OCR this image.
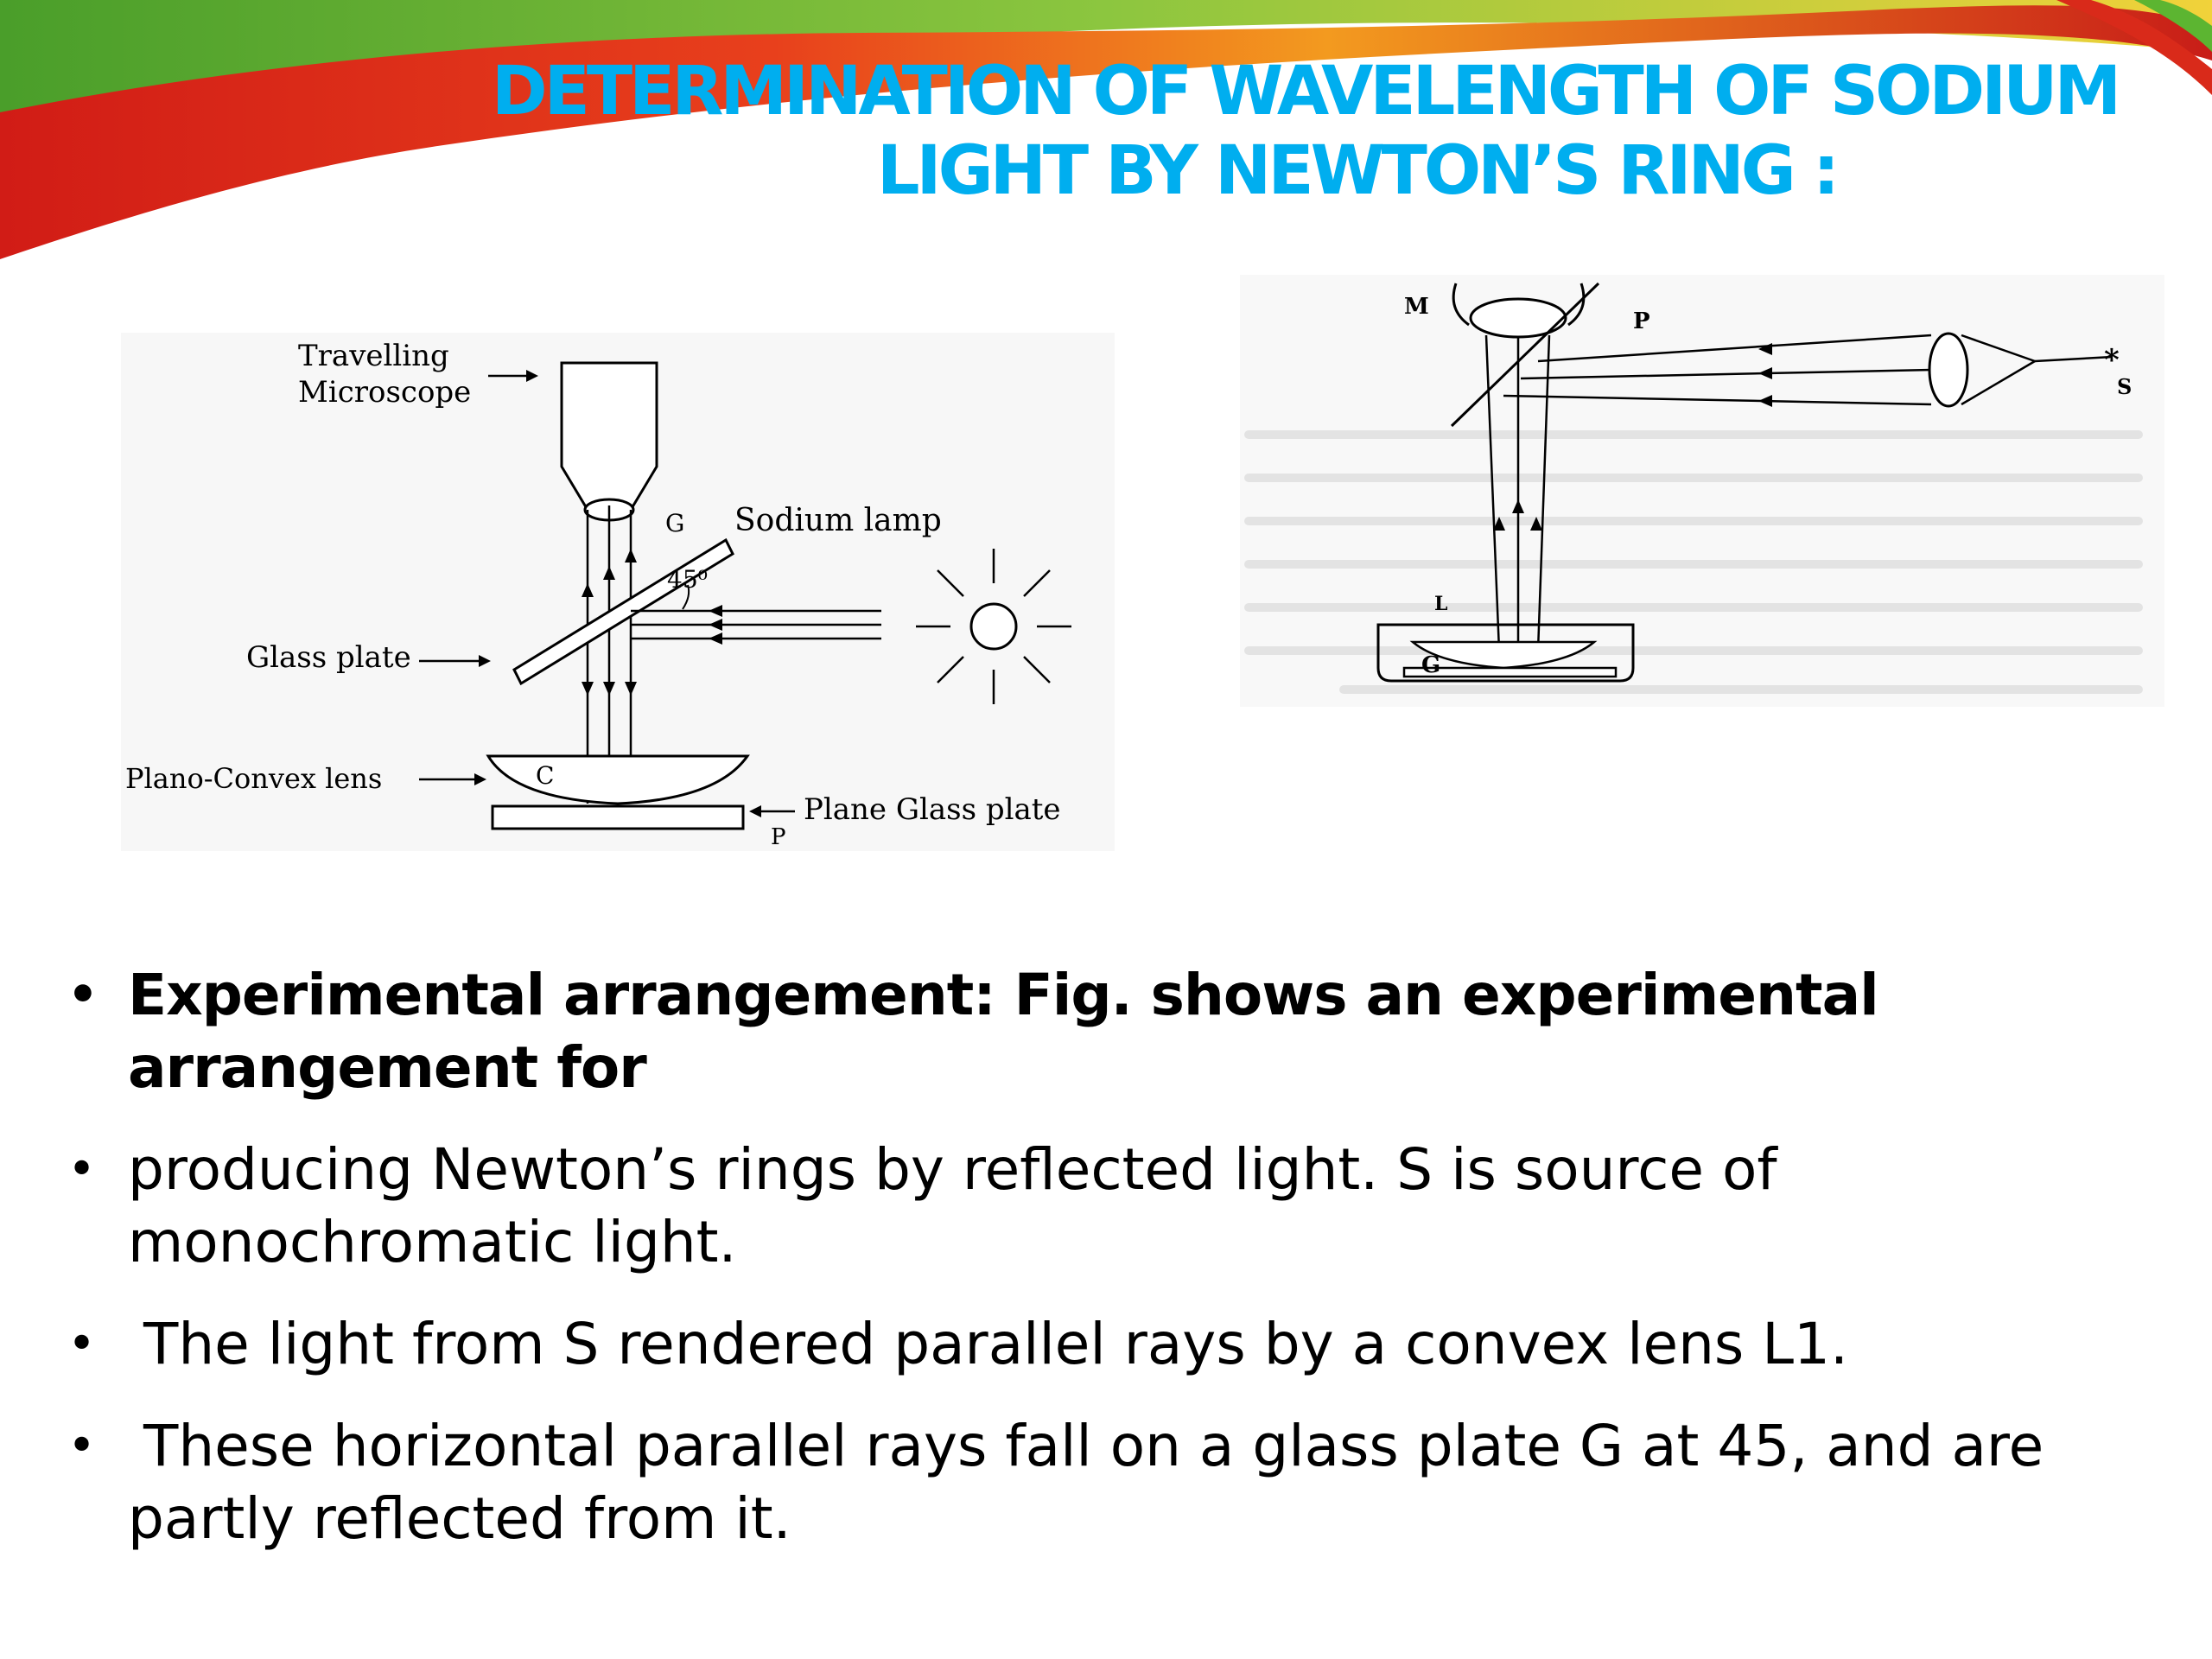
DETERMINATION OF WAVELENGTH OF SODIUM
LIGHT BY NEWTON’S RING :
Travelling
Microscope
G Sodium lamp
45⁰
Glass plate
Plano-Convex lens	C
Plane Glass plate
P
*
M
P
S
L
G
• Experimental arrangement: Fig. shows an experimental arrangement for
• producing Newton’s rings by reflected light. S is source of monochromatic light.
• The light from S rendered parallel rays by a convex lens L1.
• These horizontal parallel rays fall on a glass plate G at 45, and are partly reflected from it.
